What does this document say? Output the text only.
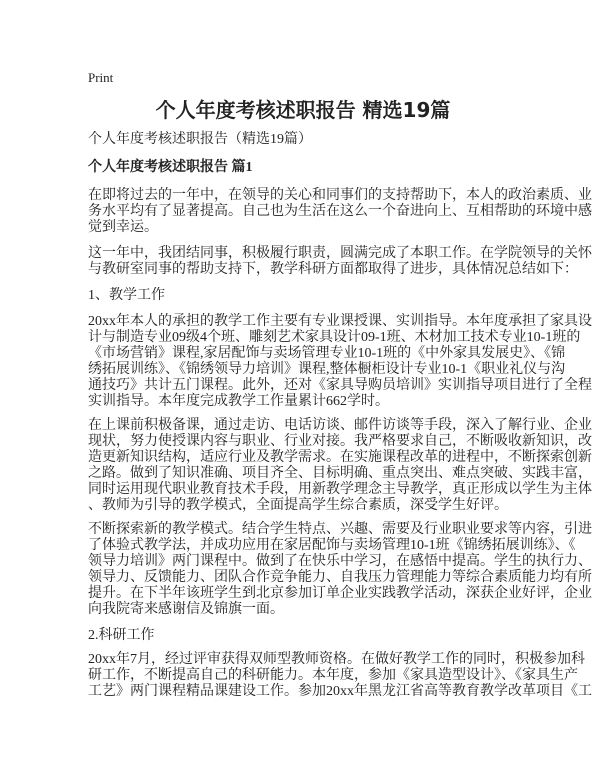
Print
个人年度考核述职报告 精选19篇
个人年度考核述职报告（精选19篇）
个人年度考核述职报告 篇1
在即将过去的一年中，在领导的关心和同事们的支持帮助下，本人的政治素质、业
务水平均有了显著提高。自己也为生活在这么一个奋进向上、互相帮助的环境中感
觉到幸运。
这一年中，我团结同事，积极履行职责，圆满完成了本职工作。在学院领导的关怀
与教研室同事的帮助支持下，教学科研方面都取得了进步，具体情况总结如下：
1、教学工作
20xx年本人的承担的教学工作主要有专业课授课、实训指导。本年度承担了家具设
计与制造专业09级4个班、雕刻艺术家具设计09-1班、木材加工技术专业10-1班的
《市场营销》课程,家居配饰与卖场管理专业10-1班的《中外家具发展史》、《锦
绣拓展训练》、《锦绣领导力培训》课程,整体橱柜设计专业10-1《职业礼仪与沟
通技巧》共计五门课程。此外，还对《家具导购员培训》实训指导项目进行了全程
实训指导。本年度完成教学工作量累计662学时。
在上课前积极备课，通过走访、电话访谈、邮件访谈等手段，深入了解行业、企业
现状，努力使授课内容与职业、行业对接。我严格要求自己，不断吸收新知识，改
造更新知识结构，适应行业及教学需求。在实施课程改革的进程中，不断探索创新
之路。做到了知识准确、项目齐全、目标明确、重点突出、难点突破、实践丰富，
同时运用现代职业教育技术手段，用新教学理念主导教学，真正形成以学生为主体
、教师为引导的教学模式，全面提高学生综合素质，深受学生好评。
不断探索新的教学模式。结合学生特点、兴趣、需要及行业职业要求等内容，引进
了体验式教学法，并成功应用在家居配饰与卖场管理10-1班《锦绣拓展训练》、《
领导力培训》两门课程中。做到了在快乐中学习，在感悟中提高。学生的执行力、
领导力、反馈能力、团队合作竞争能力、自我压力管理能力等综合素质能力均有所
提升。在下半年该班学生到北京参加订单企业实践教学活动，深获企业好评，企业
向我院寄来感谢信及锦旗一面。
2.科研工作
20xx年7月，经过评审获得双师型教师资格。在做好教学工作的同时，积极参加科
研工作，不断提高自己的科研能力。本年度，参加《家具造型设计》、《家具生产
工艺》两门课程精品课建设工作。参加20xx年黑龙江省高等教育教学改革项目《工
